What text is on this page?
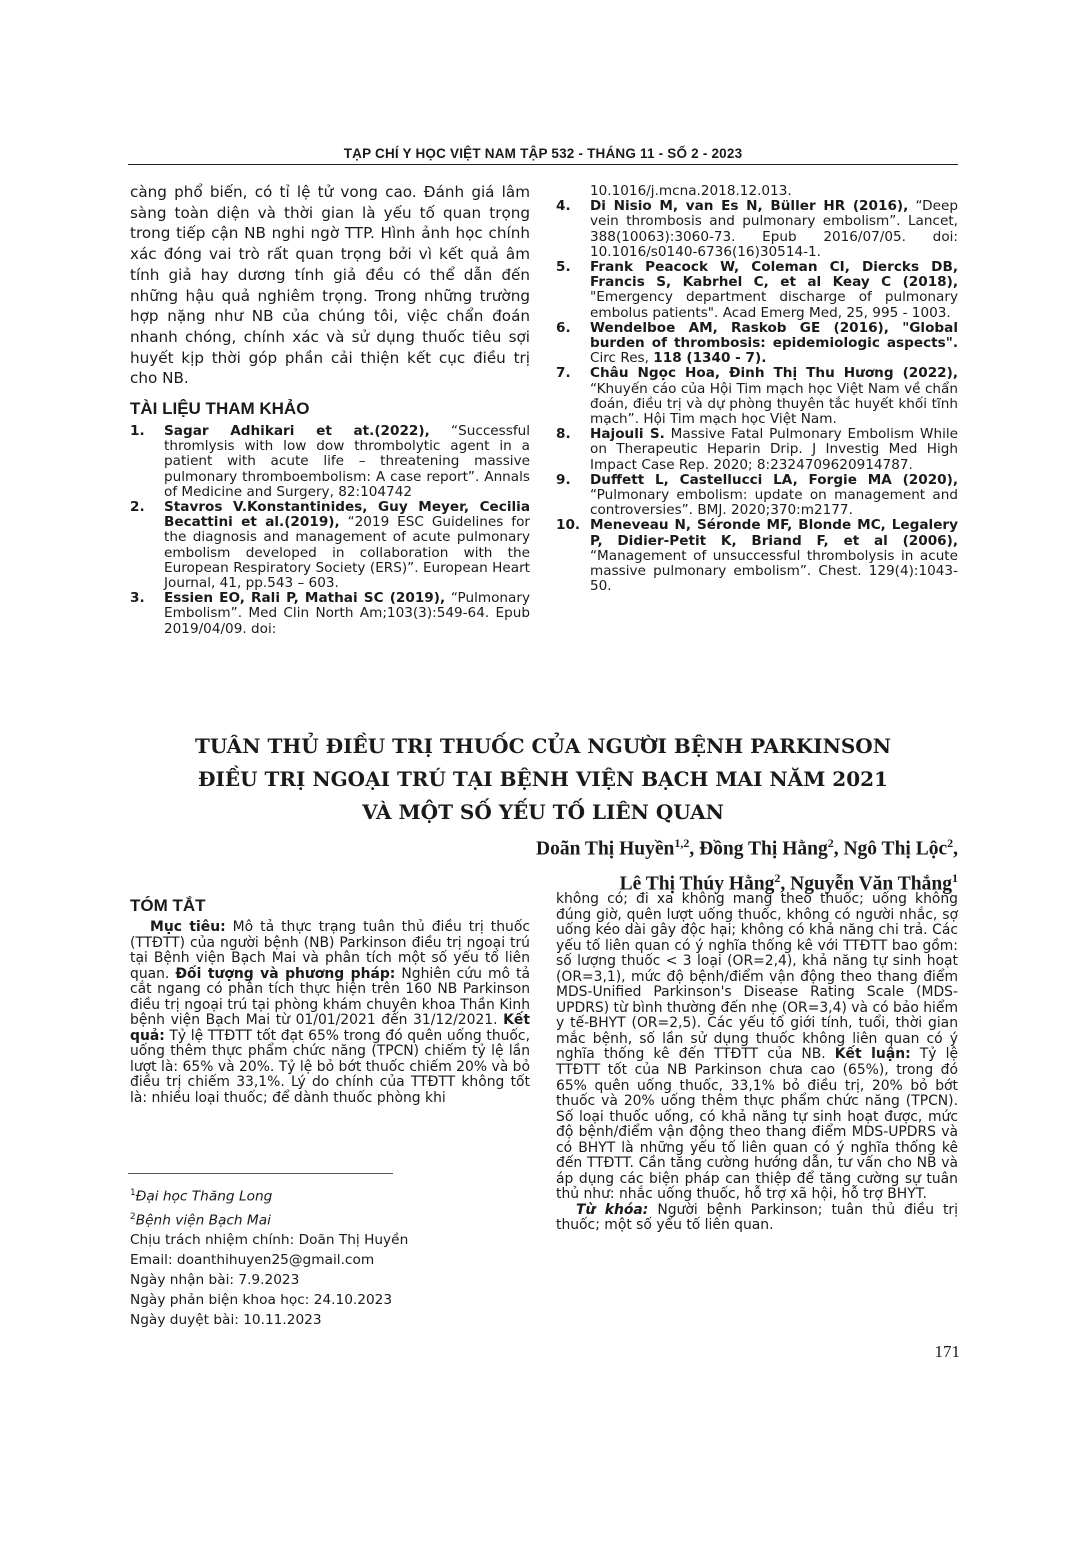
TẠP CHÍ Y HỌC VIỆT NAM TẬP 532 - THÁNG 11 - SỐ 2 - 2023
càng phổ biến, có tỉ lệ tử vong cao. Đánh giá lâm sàng toàn diện và thời gian là yếu tố quan trọng trong tiếp cận NB nghi ngờ TTP. Hình ảnh học chính xác đóng vai trò rất quan trọng bởi vì kết quả âm tính giả hay dương tính giả đều có thể dẫn đến những hậu quả nghiêm trọng. Trong những trường hợp nặng như NB của chúng tôi, việc chẩn đoán nhanh chóng, chính xác và sử dụng thuốc tiêu sợi huyết kịp thời góp phần cải thiện kết cục điều trị cho NB.
TÀI LIỆU THAM KHẢO
1. Sagar Adhikari et at.(2022), “Successful thromlysis with low dow thrombolytic agent in a patient with acute life – threatening massive pulmonary thromboembolism: A case report”. Annals of Medicine and Surgery, 82:104742
2. Stavros V.Konstantinides, Guy Meyer, Cecilia Becattini et al.(2019), “2019 ESC Guidelines for the diagnosis and management of acute pulmonary embolism developed in collaboration with the European Respiratory Society (ERS)”. European Heart Journal, 41, pp.543 – 603.
3. Essien EO, Rali P, Mathai SC (2019), “Pulmonary Embolism”. Med Clin North Am;103(3):549-64. Epub 2019/04/09. doi:
10.1016/j.mcna.2018.12.013.
4. Di Nisio M, van Es N, Büller HR (2016), “Deep vein thrombosis and pulmonary embolism”. Lancet, 388(10063):3060-73. Epub 2016/07/05. doi: 10.1016/s0140-6736(16)30514-1.
5. Frank Peacock W, Coleman CI, Diercks DB, Francis S, Kabrhel C, et al Keay C (2018), "Emergency department discharge of pulmonary embolus patients". Acad Emerg Med, 25, 995 - 1003.
6. Wendelboe AM, Raskob GE (2016), "Global burden of thrombosis: epidemiologic aspects". Circ Res, 118 (1340 - 7).
7. Châu Ngọc Hoa, Đinh Thị Thu Hương (2022), “Khuyến cáo của Hội Tim mạch học Việt Nam về chẩn đoán, điều trị và dự phòng thuyên tắc huyết khối tĩnh mạch”. Hội Tim mạch học Việt Nam.
8. Hajouli S. Massive Fatal Pulmonary Embolism While on Therapeutic Heparin Drip. J Investig Med High Impact Case Rep. 2020; 8:2324709620914787.
9. Duffett L, Castellucci LA, Forgie MA (2020), “Pulmonary embolism: update on management and controversies”. BMJ. 2020;370:m2177.
10. Meneveau N, Séronde MF, Blonde MC, Legalery P, Didier-Petit K, Briand F, et al (2006), “Management of unsuccessful thrombolysis in acute massive pulmonary embolism”. Chest. 129(4):1043-50.
TUÂN THỦ ĐIỀU TRỊ THUỐC CỦA NGƯỜI BỆNH PARKINSON
ĐIỀU TRỊ NGOẠI TRÚ TẠI BỆNH VIỆN BẠCH MAI NĂM 2021
VÀ MỘT SỐ YẾU TỐ LIÊN QUAN
Doãn Thị Huyền$^{1,2}$, Đồng Thị Hằng$^2$, Ngô Thị Lộc$^2$,
Lê Thị Thúy Hằng$^2$, Nguyễn Văn Thắng$^1$
TÓM TẮT
Mục tiêu: Mô tả thực trạng tuân thủ điều trị thuốc (TTĐTT) của người bệnh (NB) Parkinson điều trị ngoại trú tại Bệnh viện Bạch Mai và phân tích một số yếu tố liên quan. Đối tượng và phương pháp: Nghiên cứu mô tả cắt ngang có phân tích thực hiện trên 160 NB Parkinson điều trị ngoại trú tại phòng khám chuyên khoa Thần Kinh bệnh viện Bạch Mai từ 01/01/2021 đến 31/12/2021. Kết quả: Tỷ lệ TTĐTT tốt đạt 65% trong đó quên uống thuốc, uống thêm thực phẩm chức năng (TPCN) chiếm tỷ lệ lần lượt là: 65% và 20%. Tỷ lệ bỏ bớt thuốc chiếm 20% và bỏ điều trị chiếm 33,1%. Lý do chính của TTĐTT không tốt là: nhiều loại thuốc; để dành thuốc phòng khi
không có; đi xa không mang theo thuốc; uống không đúng giờ, quên lượt uống thuốc, không có người nhắc, sợ uống kéo dài gây độc hại; không có khả năng chi trả. Các yếu tố liên quan có ý nghĩa thống kê với TTĐTT bao gồm: số lượng thuốc < 3 loại (OR=2,4), khả năng tự sinh hoạt (OR=3,1), mức độ bệnh/điểm vận động theo thang điểm MDS-Unified Parkinson's Disease Rating Scale (MDS-UPDRS) từ bình thường đến nhẹ (OR=3,4) và có bảo hiểm y tế-BHYT (OR=2,5). Các yếu tố giới tính, tuổi, thời gian mắc bệnh, số lần sử dụng thuốc không liên quan có ý nghĩa thống kê đến TTĐTT của NB. Kết luận: Tỷ lệ TTĐTT tốt của NB Parkinson chưa cao (65%), trong đó 65% quên uống thuốc, 33,1% bỏ điều trị, 20% bỏ bớt thuốc và 20% uống thêm thực phẩm chức năng (TPCN). Số loại thuốc uống, có khả năng tự sinh hoạt được, mức độ bệnh/điểm vận động theo thang điểm MDS-UPDRS và có BHYT là những yếu tố liên quan có ý nghĩa thống kê đến TTĐTT. Cần tăng cường hướng dẫn, tư vấn cho NB và áp dụng các biện pháp can thiệp để tăng cường sự tuân thủ như: nhắc uống thuốc, hỗ trợ xã hội, hỗ trợ BHYT.
Từ khóa: Người bệnh Parkinson; tuân thủ điều trị thuốc; một số yếu tố liên quan.
$^1$Đại học Thăng Long
$^2$Bệnh viện Bạch Mai
Chịu trách nhiệm chính: Doãn Thị Huyền
Email: doanthihuyen25@gmail.com
Ngày nhận bài: 7.9.2023
Ngày phản biện khoa học: 24.10.2023
Ngày duyệt bài: 10.11.2023
171
